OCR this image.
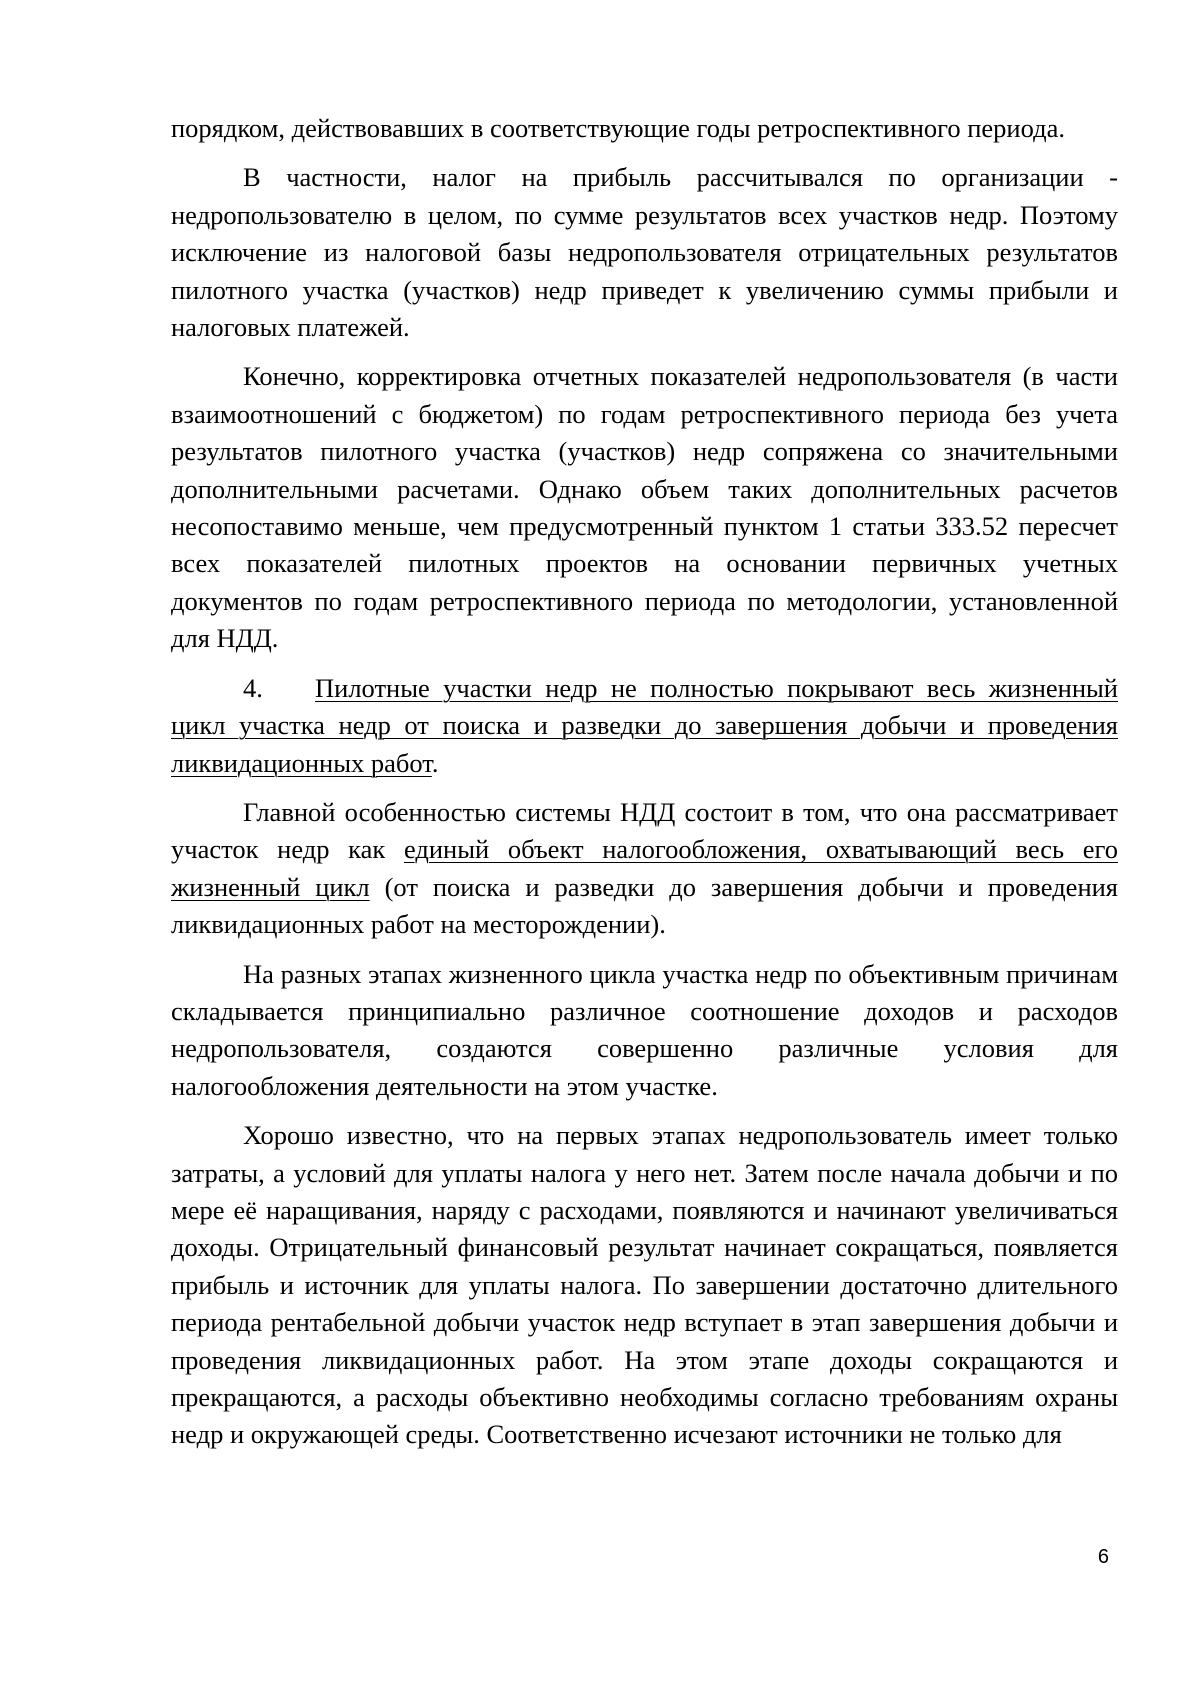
порядком, действовавших в соответствующие годы ретроспективного периода.

В частности, налог на прибыль рассчитывался по организации - недропользователю в целом, по сумме результатов всех участков недр. Поэтому исключение из налоговой базы недропользователя отрицательных результатов пилотного участка (участков) недр приведет к увеличению суммы прибыли и налоговых платежей.

Конечно, корректировка отчетных показателей недропользователя (в части взаимоотношений с бюджетом) по годам ретроспективного периода без учета результатов пилотного участка (участков) недр сопряжена со значительными дополнительными расчетами. Однако объем таких дополнительных расчетов несопоставимо меньше, чем предусмотренный пунктом 1 статьи 333.52 пересчет всех показателей пилотных проектов на основании первичных учетных документов по годам ретроспективного периода по методологии, установленной для НДД.

4. Пилотные участки недр не полностью покрывают весь жизненный цикл участка недр от поиска и разведки до завершения добычи и проведения ликвидационных работ.

Главной особенностью системы НДД состоит в том, что она рассматривает участок недр как единый объект налогообложения, охватывающий весь его жизненный цикл (от поиска и разведки до завершения добычи и проведения ликвидационных работ на месторождении).

На разных этапах жизненного цикла участка недр по объективным причинам складывается принципиально различное соотношение доходов и расходов недропользователя, создаются совершенно различные условия для налогообложения деятельности на этом участке.

Хорошо известно, что на первых этапах недропользователь имеет только затраты, а условий для уплаты налога у него нет. Затем после начала добычи и по мере её наращивания, наряду с расходами, появляются и начинают увеличиваться доходы. Отрицательный финансовый результат начинает сокращаться, появляется прибыль и источник для уплаты налога. По завершении достаточно длительного периода рентабельной добычи участок недр вступает в этап завершения добычи и проведения ликвидационных работ. На этом этапе доходы сокращаются и прекращаются, а расходы объективно необходимы согласно требованиям охраны недр и окружающей среды. Соответственно исчезают источники не только для

6
